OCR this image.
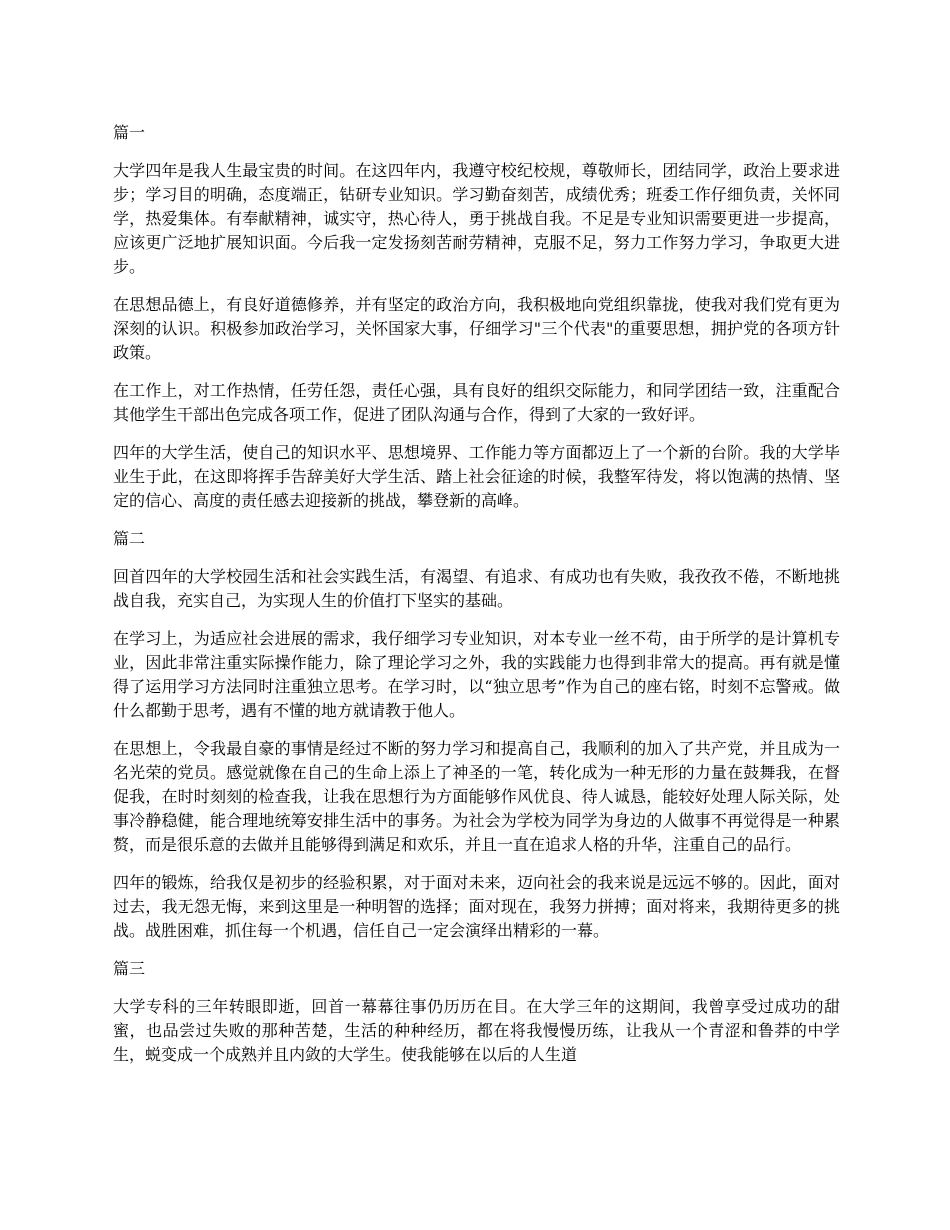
篇一

大学四年是我人生最宝贵的时间。在这四年内，我遵守校纪校规，尊敬师长，团结同学，政治上要求进步；学习目的明确，态度端正，钻研专业知识。学习勤奋刻苦，成绩优秀；班委工作仔细负责，关怀同学，热爱集体。有奉献精神，诚实守，热心待人，勇于挑战自我。不足是专业知识需要更进一步提高，应该更广泛地扩展知识面。今后我一定发扬刻苦耐劳精神，克服不足，努力工作努力学习，争取更大进步。

在思想品德上，有良好道德修养，并有坚定的政治方向，我积极地向党组织靠拢，使我对我们党有更为深刻的认识。积极参加政治学习，关怀国家大事，仔细学习"三个代表"的重要思想，拥护党的各项方针政策。

在工作上，对工作热情，任劳任怨，责任心强，具有良好的组织交际能力，和同学团结一致，注重配合其他学生干部出色完成各项工作，促进了团队沟通与合作，得到了大家的一致好评。

四年的大学生活，使自己的知识水平、思想境界、工作能力等方面都迈上了一个新的台阶。我的大学毕业生于此，在这即将挥手告辞美好大学生活、踏上社会征途的时候，我整军待发，将以饱满的热情、坚定的信心、高度的责任感去迎接新的挑战，攀登新的高峰。

篇二

回首四年的大学校园生活和社会实践生活，有渴望、有追求、有成功也有失败，我孜孜不倦，不断地挑战自我，充实自己，为实现人生的价值打下坚实的基础。

在学习上，为适应社会进展的需求，我仔细学习专业知识，对本专业一丝不苟，由于所学的是计算机专业，因此非常注重实际操作能力，除了理论学习之外，我的实践能力也得到非常大的提高。再有就是懂得了运用学习方法同时注重独立思考。在学习时，以“独立思考”作为自己的座右铭，时刻不忘警戒。做什么都勤于思考，遇有不懂的地方就请教于他人。

在思想上，令我最自豪的事情是经过不断的努力学习和提高自己，我顺利的加入了共产党，并且成为一名光荣的党员。感觉就像在自己的生命上添上了神圣的一笔，转化成为一种无形的力量在鼓舞我，在督促我，在时时刻刻的检查我，让我在思想行为方面能够作风优良、待人诚恳，能较好处理人际关际，处事冷静稳健，能合理地统筹安排生活中的事务。为社会为学校为同学为身边的人做事不再觉得是一种累赘，而是很乐意的去做并且能够得到满足和欢乐，并且一直在追求人格的升华，注重自己的品行。

四年的锻炼，给我仅是初步的经验积累，对于面对未来，迈向社会的我来说是远远不够的。因此，面对过去，我无怨无悔，来到这里是一种明智的选择；面对现在，我努力拼搏；面对将来，我期待更多的挑战。战胜困难，抓住每一个机遇，信任自己一定会演绎出精彩的一幕。

篇三

大学专科的三年转眼即逝，回首一幕幕往事仍历历在目。在大学三年的这期间，我曾享受过成功的甜蜜，也品尝过失败的那种苦楚，生活的种种经历，都在将我慢慢历练，让我从一个青涩和鲁莽的中学生，蜕变成一个成熟并且内敛的大学生。使我能够在以后的人生道
